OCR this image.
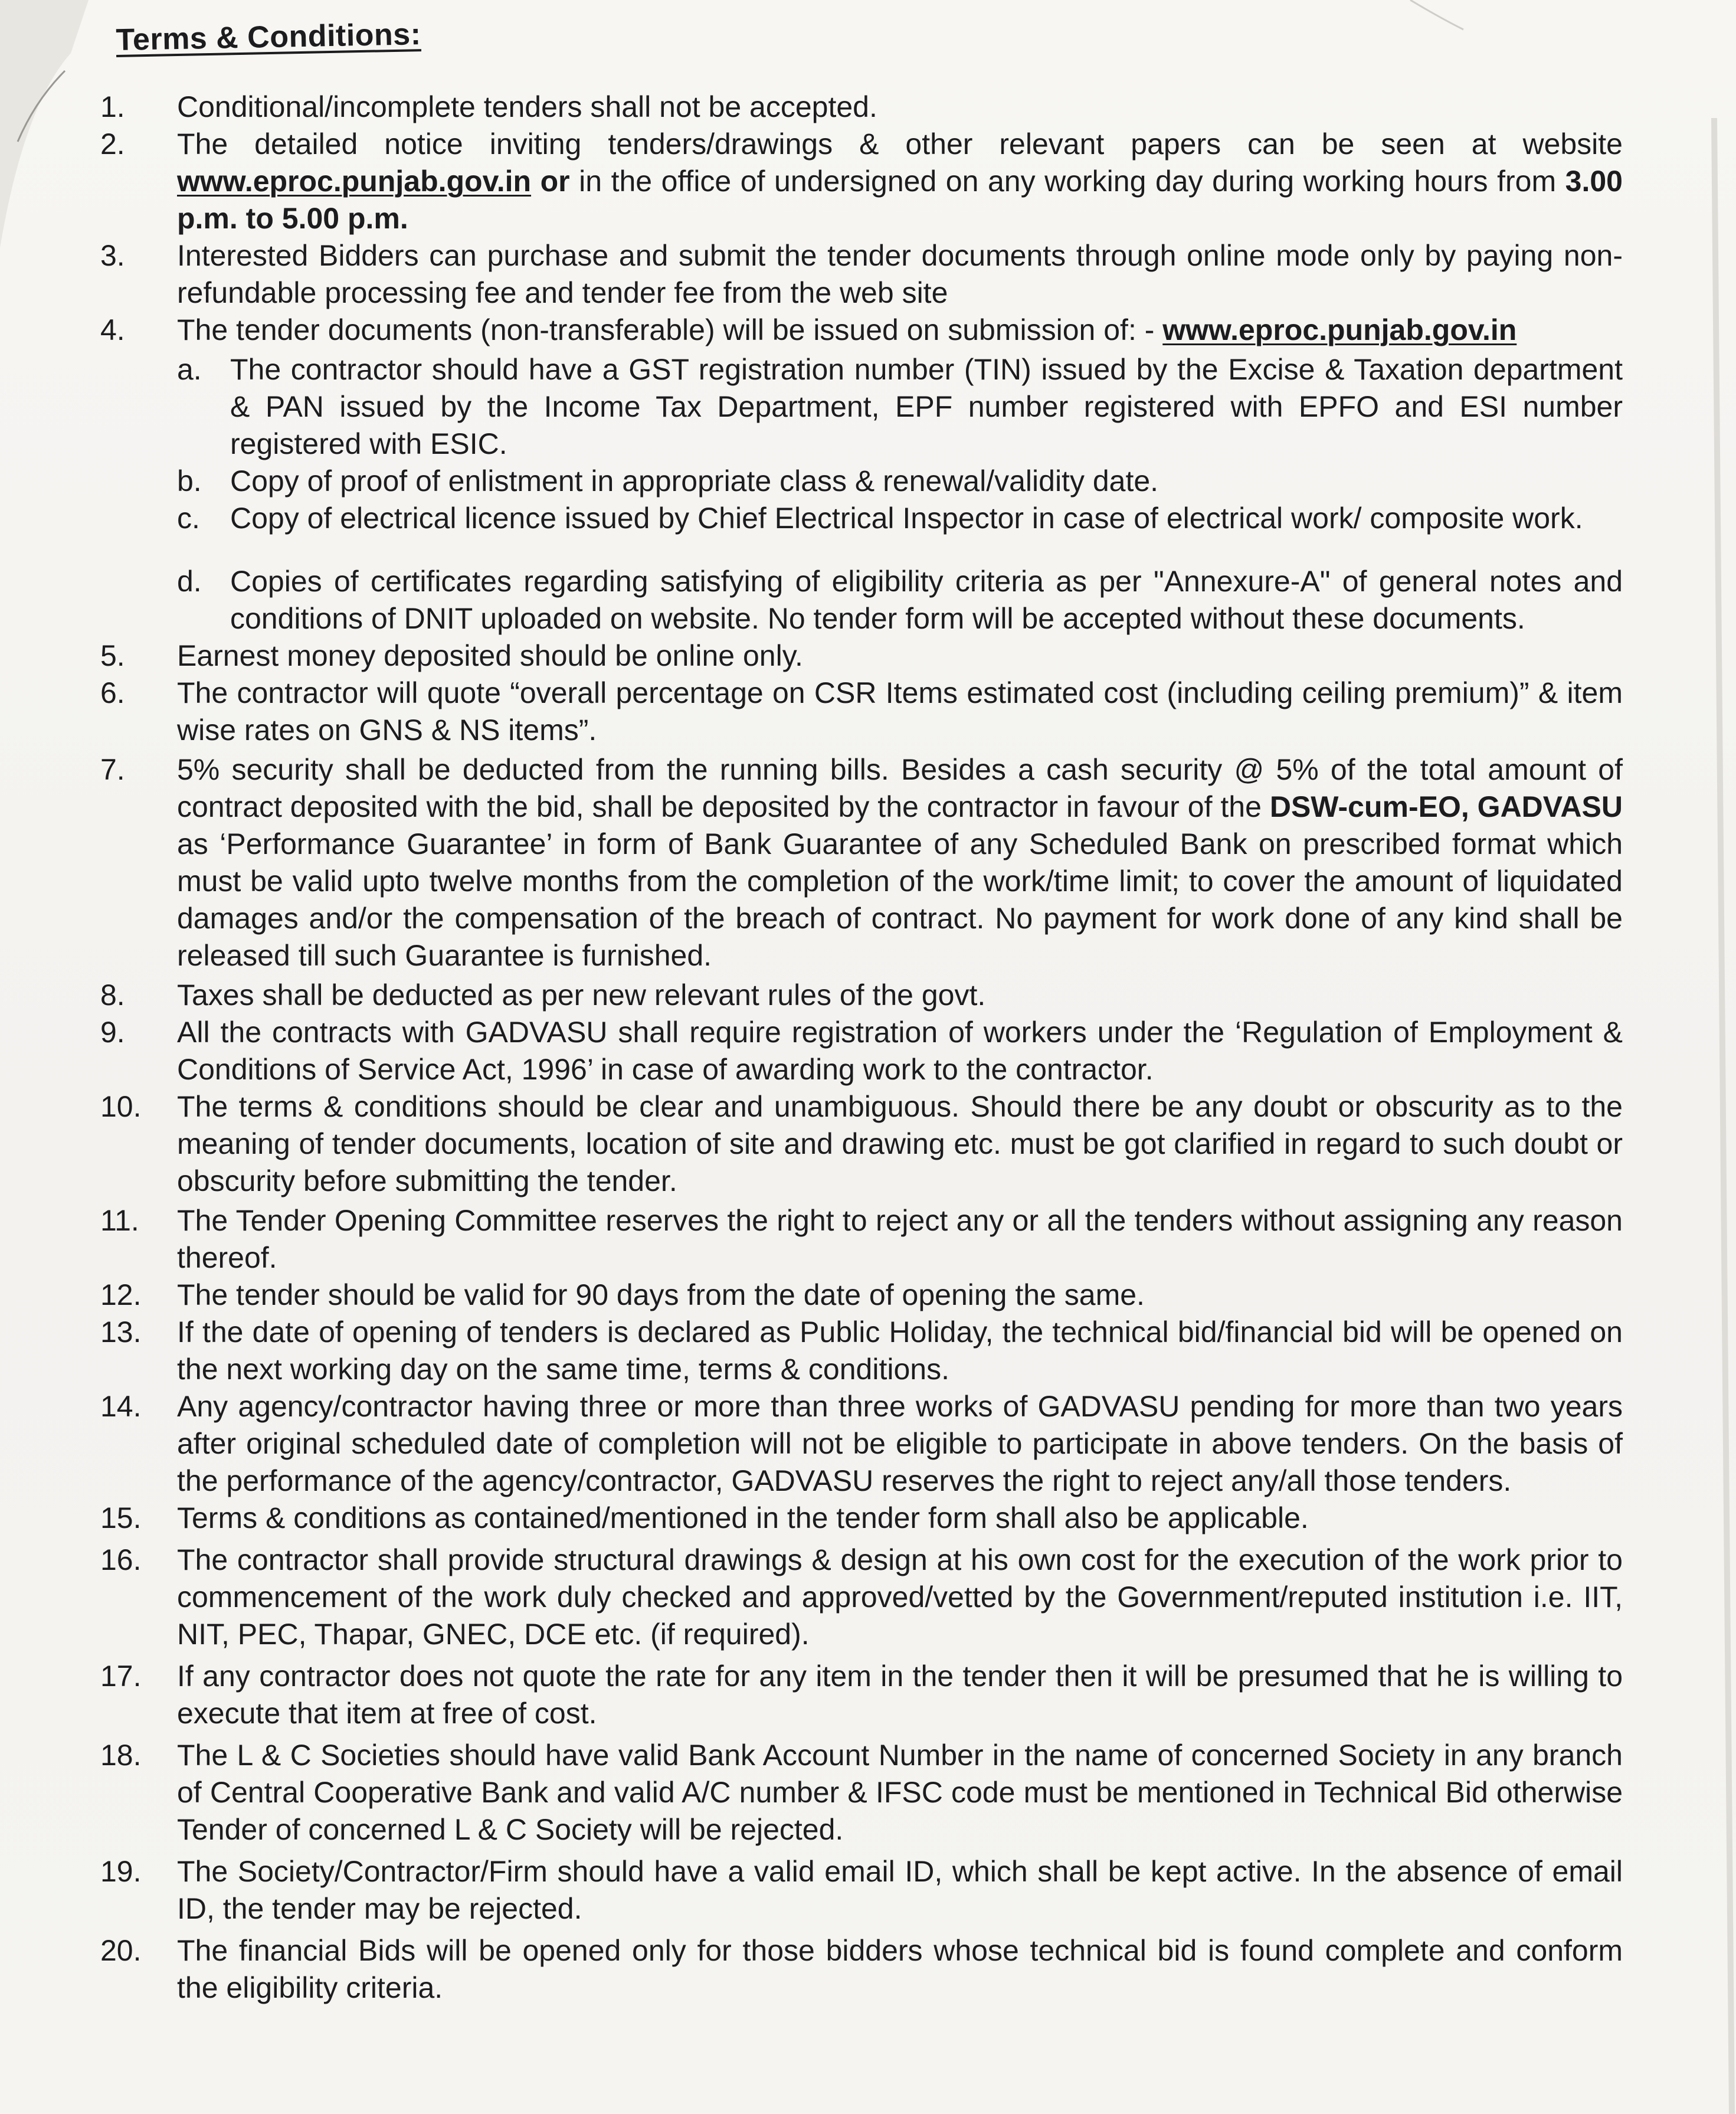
Terms & Conditions:
1.	Conditional/incomplete tenders shall not be accepted.
2.	The detailed notice inviting tenders/drawings & other relevant papers can be seen at website www.eproc.punjab.gov.in or in the office of undersigned on any working day during working hours from 3.00 p.m. to 5.00 p.m.
3.	Interested Bidders can purchase and submit the tender documents through online mode only by paying non-refundable processing fee and tender fee from the web site
4.	The tender documents (non-transferable) will be issued on submission of: - www.eproc.punjab.gov.in
a. The contractor should have a GST registration number (TIN) issued by the Excise & Taxation department & PAN issued by the Income Tax Department, EPF number registered with EPFO and ESI number registered with ESIC.
b. Copy of proof of enlistment in appropriate class & renewal/validity date.
c.	Copy of electrical licence issued by Chief Electrical Inspector in case of electrical work/ composite work.
d. Copies of certificates regarding satisfying of eligibility criteria as per "Annexure-A" of general notes and conditions of DNIT uploaded on website. No tender form will be accepted without these documents.
5.	Earnest money deposited should be online only.
6.	The contractor will quote “overall percentage on CSR Items estimated cost (including ceiling premium)” & item wise rates on GNS & NS items”.
7.	5% security shall be deducted from the running bills. Besides a cash security @ 5% of the total amount of contract deposited with the bid, shall be deposited by the contractor in favour of the DSW-cum-EO, GADVASU as ‘Performance Guarantee’ in form of Bank Guarantee of any Scheduled Bank on prescribed format which must be valid upto twelve months from the completion of the work/time limit; to cover the amount of liquidated damages and/or the compensation of the breach of contract. No payment for work done of any kind shall be released till such Guarantee is furnished.
8.	Taxes shall be deducted as per new relevant rules of the govt.
9.	All the contracts with GADVASU shall require registration of workers under the ‘Regulation of Employment & Conditions of Service Act, 1996’ in case of awarding work to the contractor.
10.	The terms & conditions should be clear and unambiguous. Should there be any doubt or obscurity as to the meaning of tender documents, location of site and drawing etc. must be got clarified in regard to such doubt or obscurity before submitting the tender.
11.	The Tender Opening Committee reserves the right to reject any or all the tenders without assigning any reason thereof.
12.	The tender should be valid for 90 days from the date of opening the same.
13.	If the date of opening of tenders is declared as Public Holiday, the technical bid/financial bid will be opened on the next working day on the same time, terms & conditions.
14.	Any agency/contractor having three or more than three works of GADVASU pending for more than two years after original scheduled date of completion will not be eligible to participate in above tenders. On the basis of the performance of the agency/contractor, GADVASU reserves the right to reject any/all those tenders.
15.	Terms & conditions as contained/mentioned in the tender form shall also be applicable.
16.	The contractor shall provide structural drawings & design at his own cost for the execution of the work prior to commencement of the work duly checked and approved/vetted by the Government/reputed institution i.e. IIT, NIT, PEC, Thapar, GNEC, DCE etc. (if required).
17.	If any contractor does not quote the rate for any item in the tender then it will be presumed that he is willing to execute that item at free of cost.
18.	The L & C Societies should have valid Bank Account Number in the name of concerned Society in any branch of Central Cooperative Bank and valid A/C number & IFSC code must be mentioned in Technical Bid otherwise Tender of concerned L & C Society will be rejected.
19.	The Society/Contractor/Firm should have a valid email ID, which shall be kept active. In the absence of email ID, the tender may be rejected.
20.	The financial Bids will be opened only for those bidders whose technical bid is found complete and conform the eligibility criteria.
